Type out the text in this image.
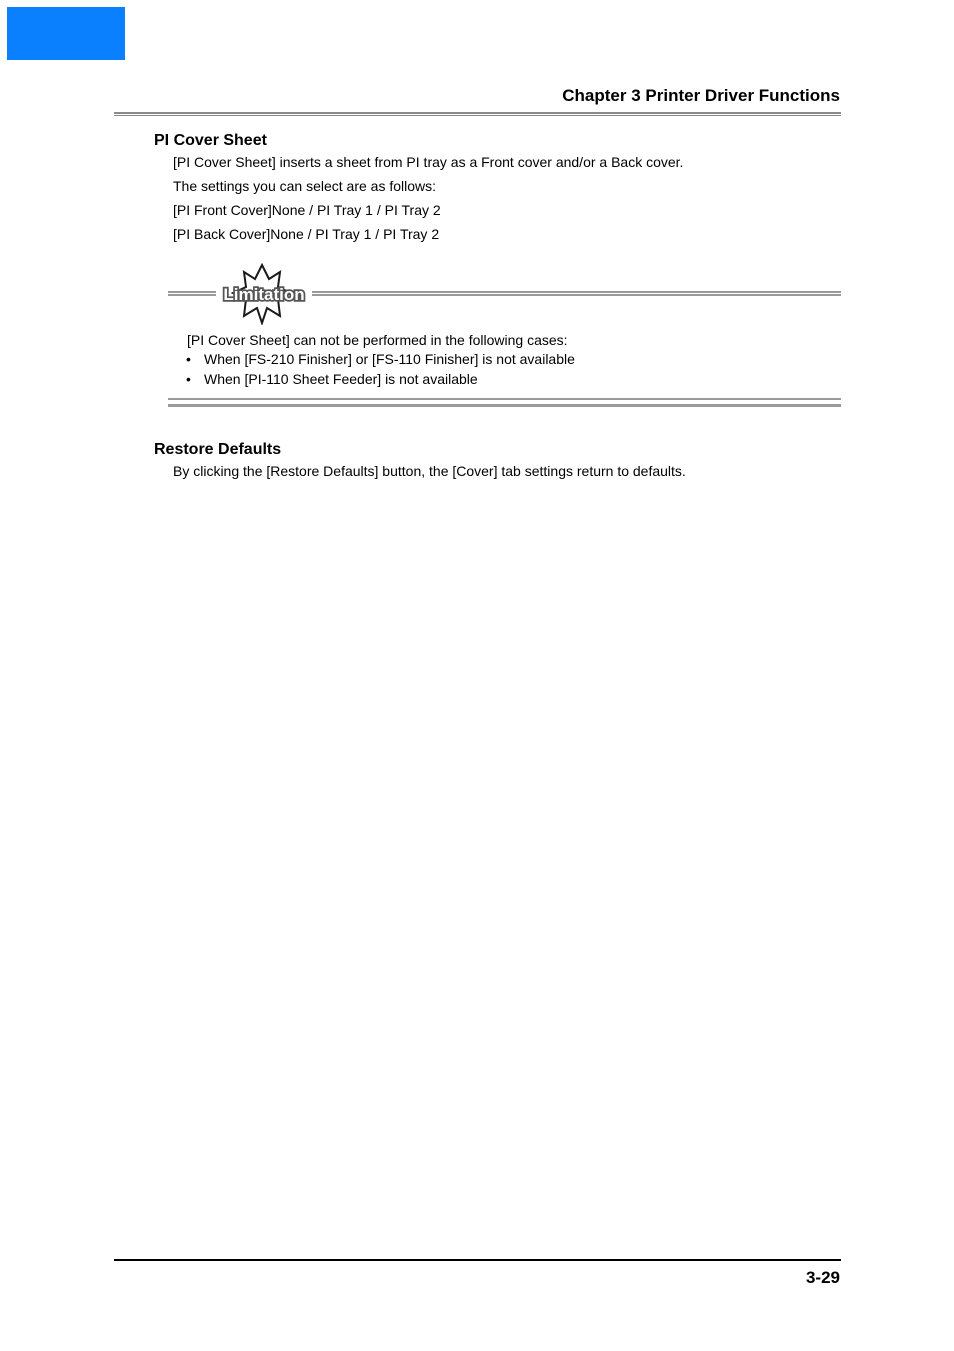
Chapter 3 Printer Driver Functions
PI Cover Sheet
[PI Cover Sheet] inserts a sheet from PI tray as a Front cover and/or a Back cover.
The settings you can select are as follows:
[PI Front Cover]None / PI Tray 1 / PI Tray 2
[PI Back Cover]None / PI Tray 1 / PI Tray 2
Limitation
[PI Cover Sheet] can not be performed in the following cases:
• When [FS-210 Finisher] or [FS-110 Finisher] is not available
• When [PI-110 Sheet Feeder] is not available
Restore Defaults
By clicking the [Restore Defaults] button, the [Cover] tab settings return to defaults.
3-29
